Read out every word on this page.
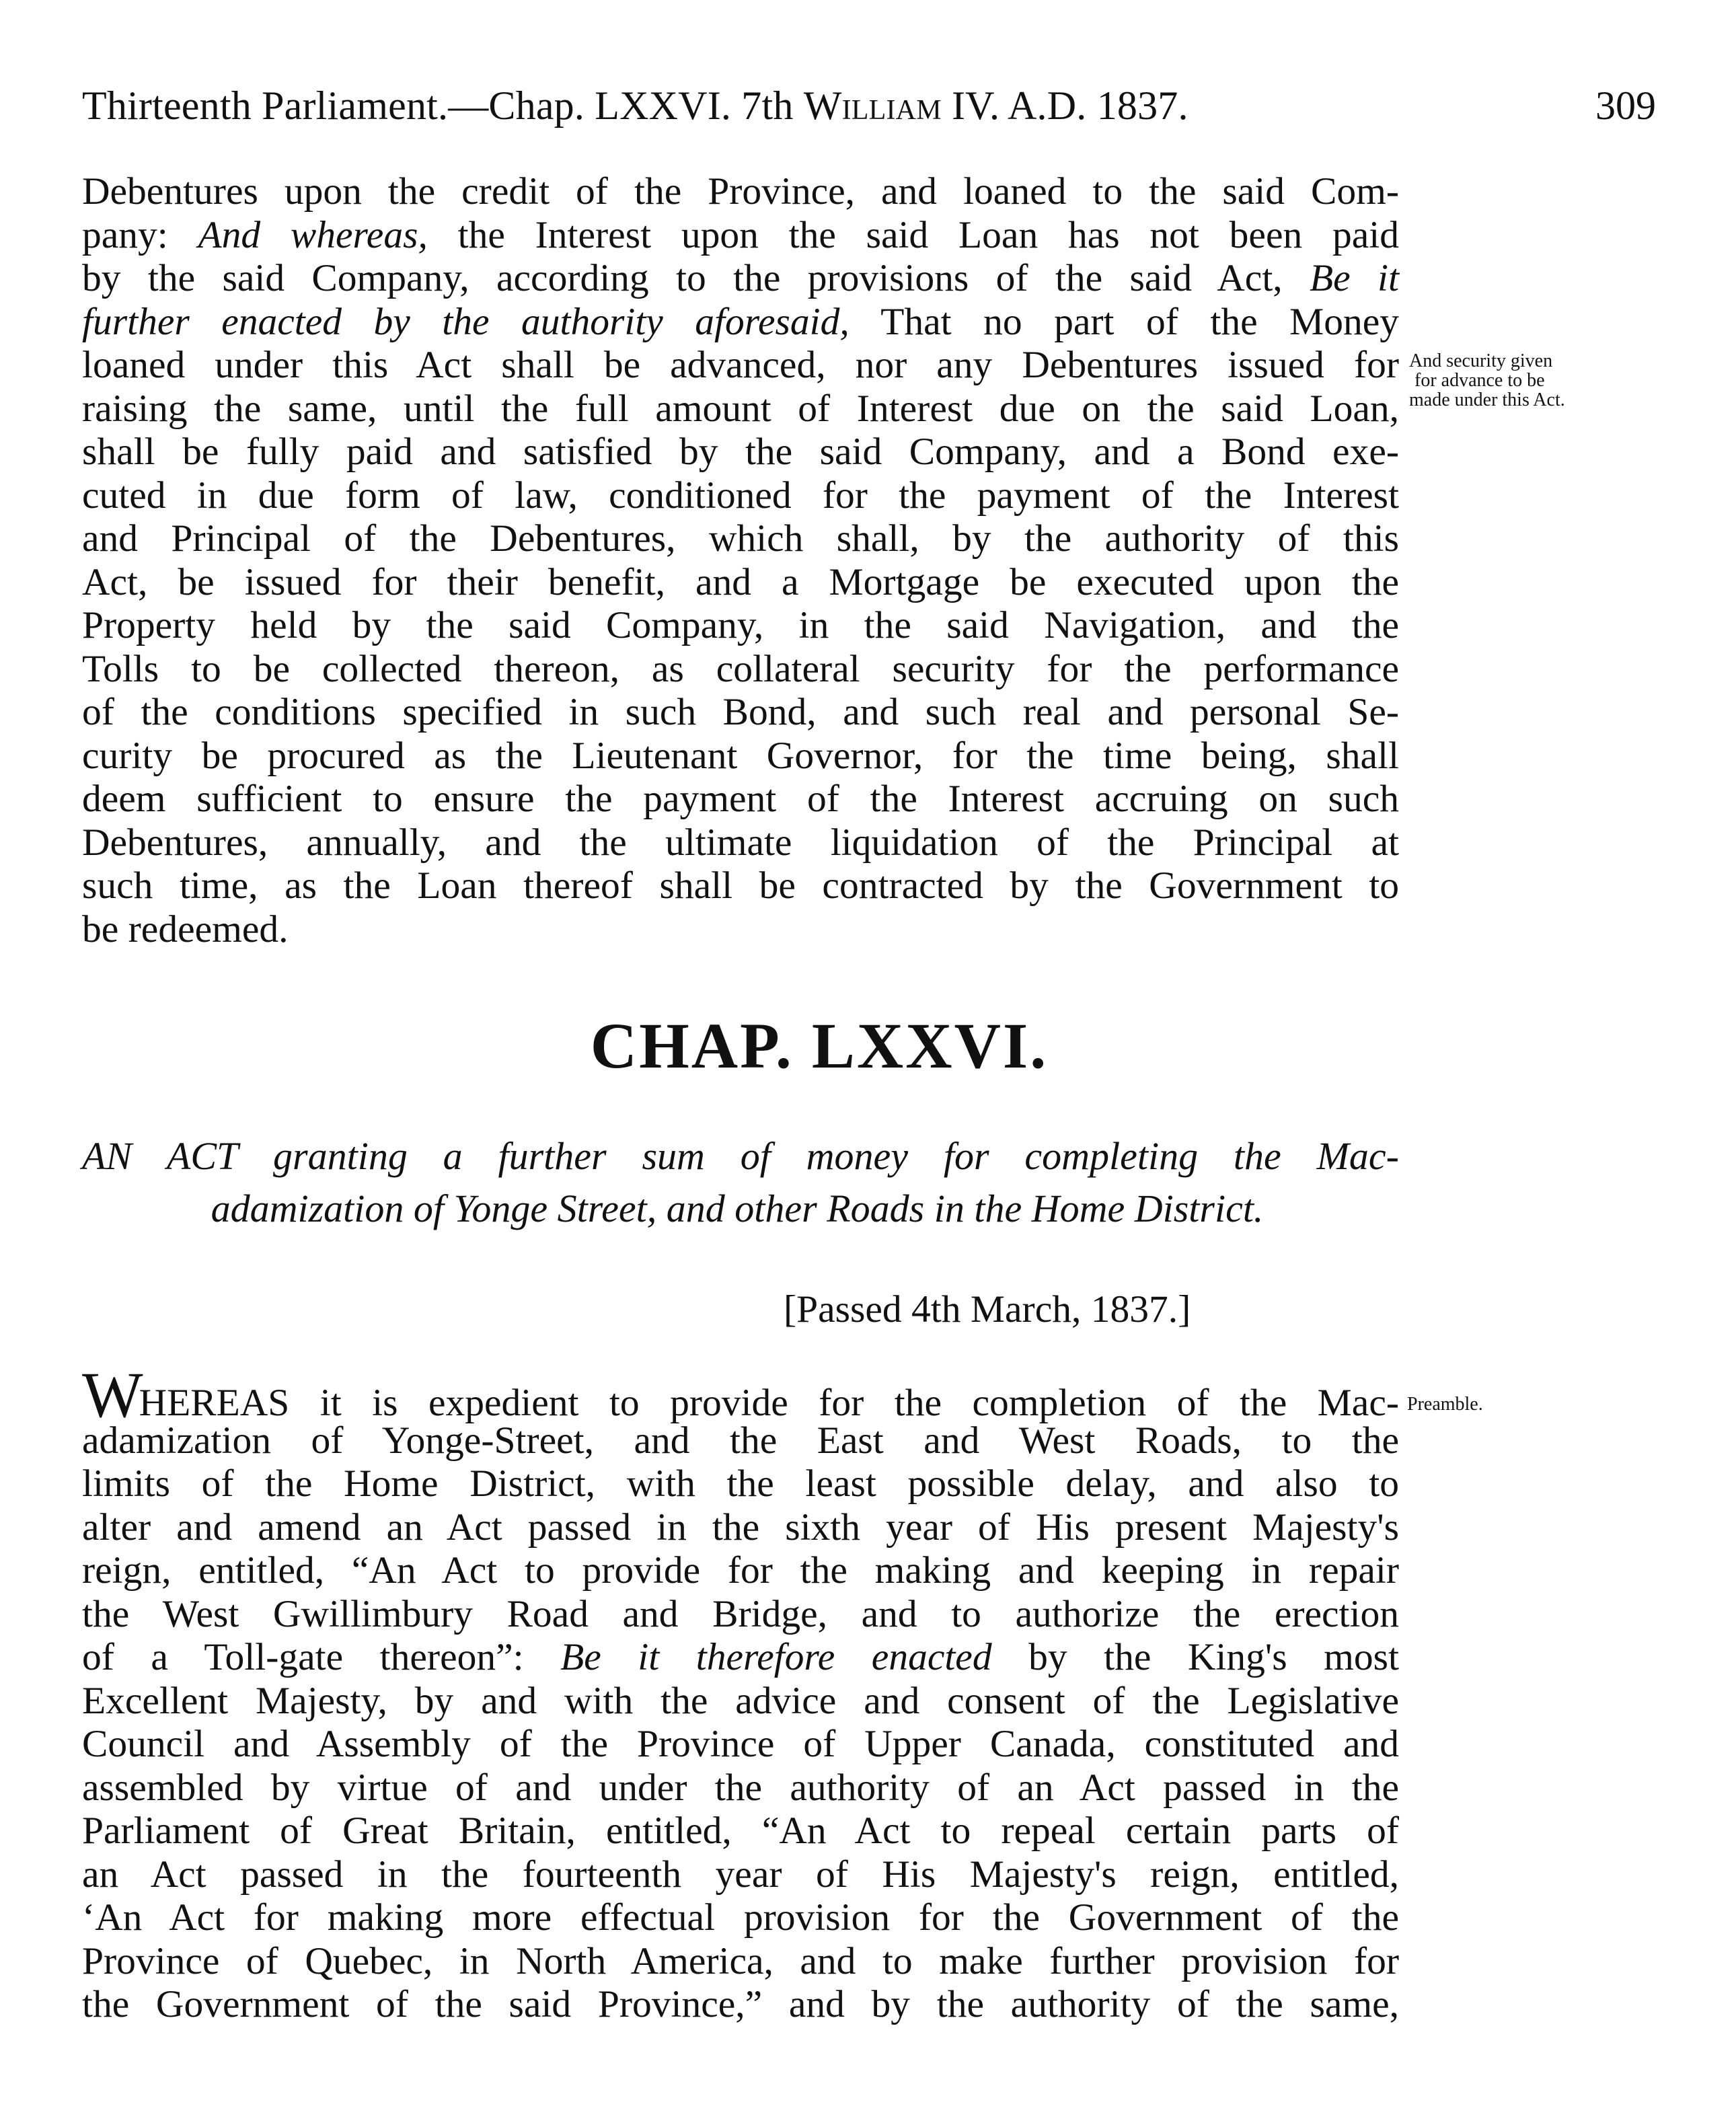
Thirteenth Parliament.—Chap. LXXVI. 7th William IV. A.D. 1837.	309
Debentures upon the credit of the Province, and loaned to the said Com-
pany: And whereas, the Interest upon the said Loan has not been paid
by the said Company, according to the provisions of the said Act, Be it
further enacted by the authority aforesaid, That no part of the Money
loaned under this Act shall be advanced, nor any Debentures issued for
raising the same, until the full amount of Interest due on the said Loan,
shall be fully paid and satisfied by the said Company, and a Bond exe-
cuted in due form of law, conditioned for the payment of the Interest
and Principal of the Debentures, which shall, by the authority of this
Act, be issued for their benefit, and a Mortgage be executed upon the
Property held by the said Company, in the said Navigation, and the
Tolls to be collected thereon, as collateral security for the performance
of the conditions specified in such Bond, and such real and personal Se-
curity be procured as the Lieutenant Governor, for the time being, shall
deem sufficient to ensure the payment of the Interest accruing on such
Debentures, annually, and the ultimate liquidation of the Principal at
such time, as the Loan thereof shall be contracted by the Government to
be redeemed.
And security given
for advance to be
made under this Act.
CHAP. LXXVI.
AN ACT granting a further sum of money for completing the Mac-
adamization of Yonge Street, and other Roads in the Home District.
[Passed 4th March, 1837.]
Preamble.
WHEREAS it is expedient to provide for the completion of the Mac-
adamization of Yonge-Street, and the East and West Roads, to the
limits of the Home District, with the least possible delay, and also to
alter and amend an Act passed in the sixth year of His present Majesty's
reign, entitled, “An Act to provide for the making and keeping in repair
the West Gwillimbury Road and Bridge, and to authorize the erection
of a Toll-gate thereon”: Be it therefore enacted by the King's most
Excellent Majesty, by and with the advice and consent of the Legislative
Council and Assembly of the Province of Upper Canada, constituted and
assembled by virtue of and under the authority of an Act passed in the
Parliament of Great Britain, entitled, “An Act to repeal certain parts of
an Act passed in the fourteenth year of His Majesty's reign, entitled,
‘An Act for making more effectual provision for the Government of the
Province of Quebec, in North America, and to make further provision for
the Government of the said Province,” and by the authority of the same,
